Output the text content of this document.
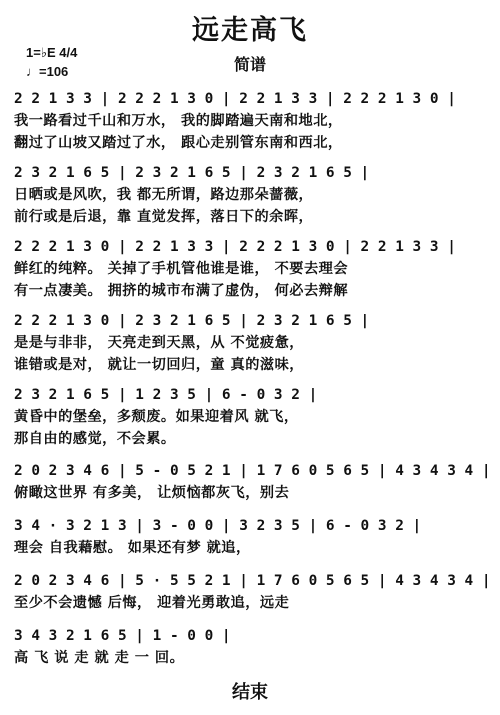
远走高飞
简谱
1=♭E 4/4
♩=106
2 2 1 3 3 | 2 2 2 1 3 0 | 2 2 1 3 3 | 2 2 2 1 3 0 |
我一路看过千山和万水， 我的脚踏遍天南和地北，
翻过了山坡又踏过了水， 跟心走别管东南和西北，
2 3 2 1 6 5 | 2 3 2 1 6 5 | 2 3 2 1 6 5 |
日晒或是风吹，我 都无所谓，路边那朵蔷薇，
前行或是后退，靠 直觉发挥，落日下的余晖，
2 2 2 1 3 0 | 2 2 1 3 3 | 2 2 2 1 3 0 | 2 2 1 3 3 |
鲜红的纯粹。 关掉了手机管他谁是谁， 不要去理会
有一点凄美。 拥挤的城市布满了虚伪， 何必去辩解
2 2 2 1 3 0 | 2 3 2 1 6 5 | 2 3 2 1 6 5 |
是是与非非， 天亮走到天黑，从 不觉疲惫，
谁错或是对， 就让一切回归，童 真的滋味，
2 3 2 1 6 5 | 1 2 3 5 | 6 - 0 3 2 |
黄昏中的堡垒，多颓废。如果迎着风 就飞，
那自由的感觉，不会累。
2 0 2 3 4 6 | 5 - 0 5 2 1 | 1 7 6 0 5 6 5 | 4 3 4 3 4 |
俯瞰这世界 有多美， 让烦恼都灰飞，别去
3 4 · 3 2 1 3 | 3 - 0 0 | 3 2 3 5 | 6 - 0 3 2 |
理会 自我藉慰。 如果还有梦 就追，
2 0 2 3 4 6 | 5 · 5 5 2 1 | 1 7 6 0 5 6 5 | 4 3 4 3 4 |
至少不会遗憾 后悔， 迎着光勇敢追，远走
3 4 3 2 1 6 5 | 1 - 0 0 |
高 飞 说 走 就 走 一 回。
结束
